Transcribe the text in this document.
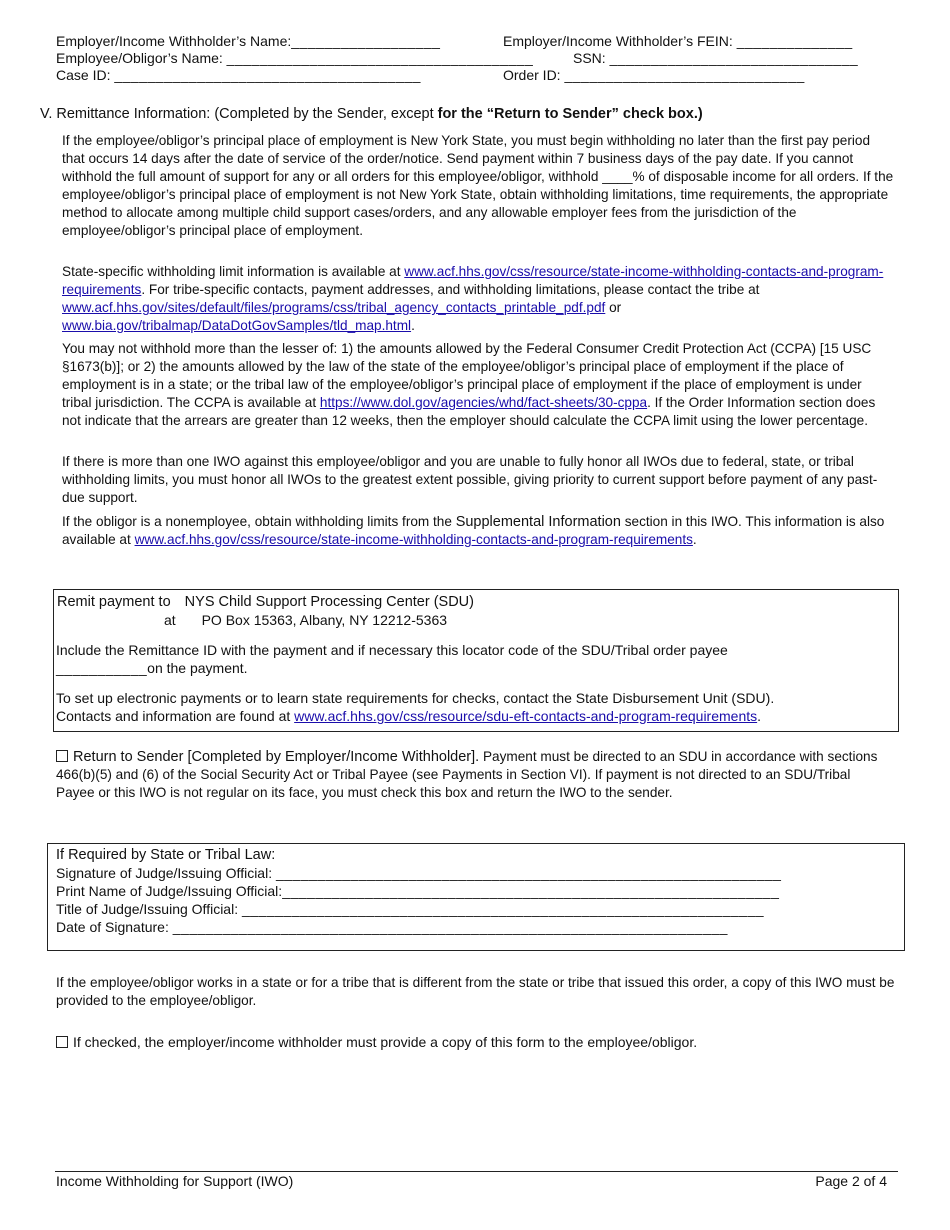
Employer/Income Withholder’s Name:__________________	Employer/Income Withholder’s FEIN: ______________
Employee/Obligor’s Name: _____________________________________	SSN: ______________________________
Case ID: _____________________________________	Order ID: _____________________________
V. Remittance Information: (Completed by the Sender, except for the “Return to Sender” check box.)
If the employee/obligor’s principal place of employment is New York State, you must begin withholding no later than the first pay period that occurs 14 days after the date of service of the order/notice. Send payment within 7 business days of the pay date. If you cannot withhold the full amount of support for any or all orders for this employee/obligor, withhold ____% of disposable income for all orders. If the employee/obligor’s principal place of employment is not New York State, obtain withholding limitations, time requirements, the appropriate method to allocate among multiple child support cases/orders, and any allowable employer fees from the jurisdiction of the employee/obligor’s principal place of employment.
State-specific withholding limit information is available at www.acf.hhs.gov/css/resource/state-income-withholding-contacts-and-program-requirements. For tribe-specific contacts, payment addresses, and withholding limitations, please contact the tribe at www.acf.hhs.gov/sites/default/files/programs/css/tribal_agency_contacts_printable_pdf.pdf or www.bia.gov/tribalmap/DataDotGovSamples/tld_map.html.
You may not withhold more than the lesser of: 1) the amounts allowed by the Federal Consumer Credit Protection Act (CCPA) [15 USC §1673(b)]; or 2) the amounts allowed by the law of the state of the employee/obligor’s principal place of employment if the place of employment is in a state; or the tribal law of the employee/obligor’s principal place of employment if the place of employment is under tribal jurisdiction. The CCPA is available at https://www.dol.gov/agencies/whd/fact-sheets/30-cppa. If the Order Information section does not indicate that the arrears are greater than 12 weeks, then the employer should calculate the CCPA limit using the lower percentage.
If there is more than one IWO against this employee/obligor and you are unable to fully honor all IWOs due to federal, state, or tribal withholding limits, you must honor all IWOs to the greatest extent possible, giving priority to current support before payment of any past-due support.
If the obligor is a nonemployee, obtain withholding limits from the Supplemental Information section in this IWO. This information is also available at www.acf.hhs.gov/css/resource/state-income-withholding-contacts-and-program-requirements.
Remit payment to NYS Child Support Processing Center (SDU)
at PO Box 15363, Albany, NY 12212-5363
Include the Remittance ID with the payment and if necessary this locator code of the SDU/Tribal order payee
___________on the payment.
To set up electronic payments or to learn state requirements for checks, contact the State Disbursement Unit (SDU).
Contacts and information are found at www.acf.hhs.gov/css/resource/sdu-eft-contacts-and-program-requirements.
Return to Sender [Completed by Employer/Income Withholder]. Payment must be directed to an SDU in accordance with sections 466(b)(5) and (6) of the Social Security Act or Tribal Payee (see Payments in Section VI). If payment is not directed to an SDU/Tribal Payee or this IWO is not regular on its face, you must check this box and return the IWO to the sender.
If Required by State or Tribal Law:
Signature of Judge/Issuing Official: _____________________________________________________________
Print Name of Judge/Issuing Official:____________________________________________________________
Title of Judge/Issuing Official: _______________________________________________________________
Date of Signature: ___________________________________________________________________
If the employee/obligor works in a state or for a tribe that is different from the state or tribe that issued this order, a copy of this IWO must be provided to the employee/obligor.
If checked, the employer/income withholder must provide a copy of this form to the employee/obligor.
Income Withholding for Support (IWO)	Page 2 of 4
